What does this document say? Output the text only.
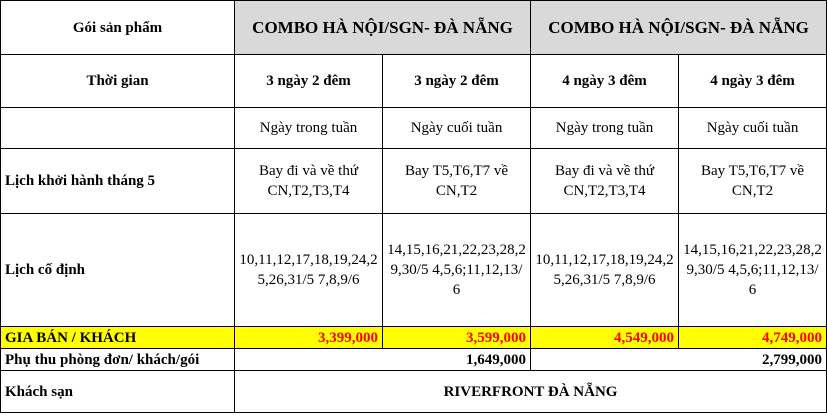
Gói sản phẩm	COMBO HÀ NỘI/SGN- ĐÀ NẴNG		COMBO HÀ NỘI/SGN- ĐÀ NẴNG	
Thời gian	3 ngày 2 đêm	3 ngày 2 đêm	4 ngày 3 đêm	4 ngày 3 đêm
	Ngày trong tuần	Ngày cuối tuần	Ngày trong tuần	Ngày cuối tuần
Lịch khởi hành tháng 5	Bay đi và về thứ CN,T2,T3,T4	Bay T5,T6,T7 về CN,T2	Bay đi và về thứ CN,T2,T3,T4	Bay T5,T6,T7 về CN,T2
Lịch cố định	10,11,12,17,18,19,24,25,26,31/5 7,8,9/6	14,15,16,21,22,23,28,29,30/5 4,5,6;11,12,13/6	10,11,12,17,18,19,24,25,26,31/5 7,8,9/6	14,15,16,21,22,23,28,29,30/5 4,5,6;11,12,13/6
GIA BÁN / KHÁCH	3,399,000	3,599,000	4,549,000	4,749,000
Phụ thu phòng đơn/ khách/gói	1,649,000		2,799,000	
Khách sạn	RIVERFRONT ĐÀ NẴNG			
